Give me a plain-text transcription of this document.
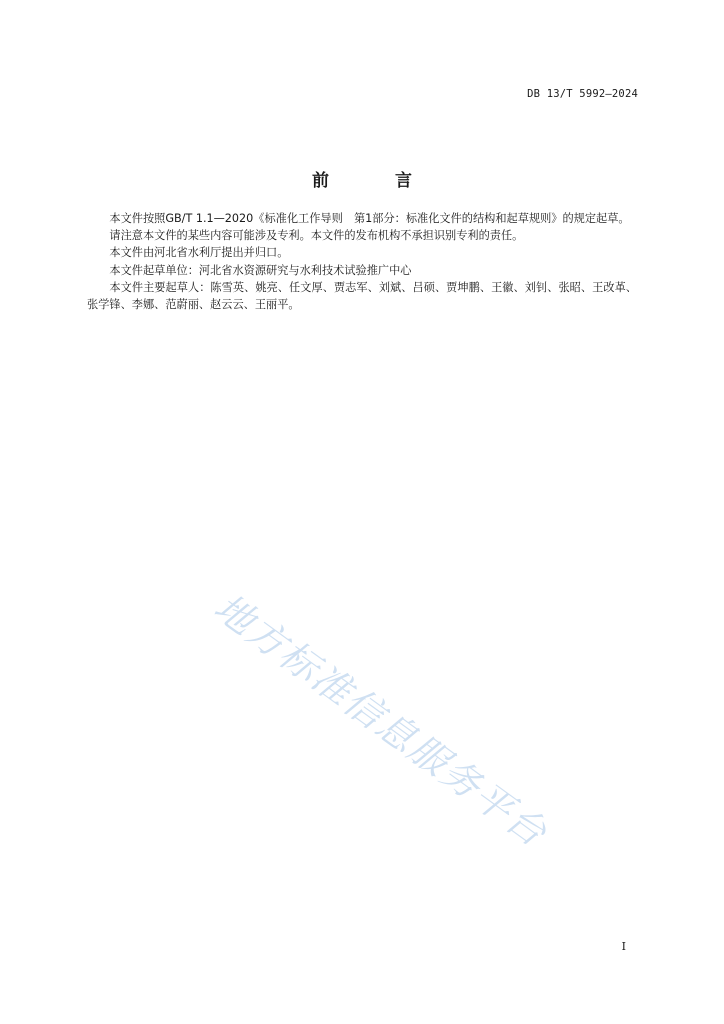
DB 13/T 5992—2024
前 言

本文件按照GB/T 1.1—2020《标准化工作导则　第1部分：标准化文件的结构和起草规则》的规定起草。

请注意本文件的某些内容可能涉及专利。本文件的发布机构不承担识别专利的责任。

本文件由河北省水利厅提出并归口。

本文件起草单位：河北省水资源研究与水利技术试验推广中心

本文件主要起草人：陈雪英、姚亮、任文厚、贾志军、刘斌、吕硕、贾坤鹏、王徽、刘钊、张昭、王改革、张学锋、李娜、范蔚丽、赵云云、王丽平。

地方标准信息服务平台
I
